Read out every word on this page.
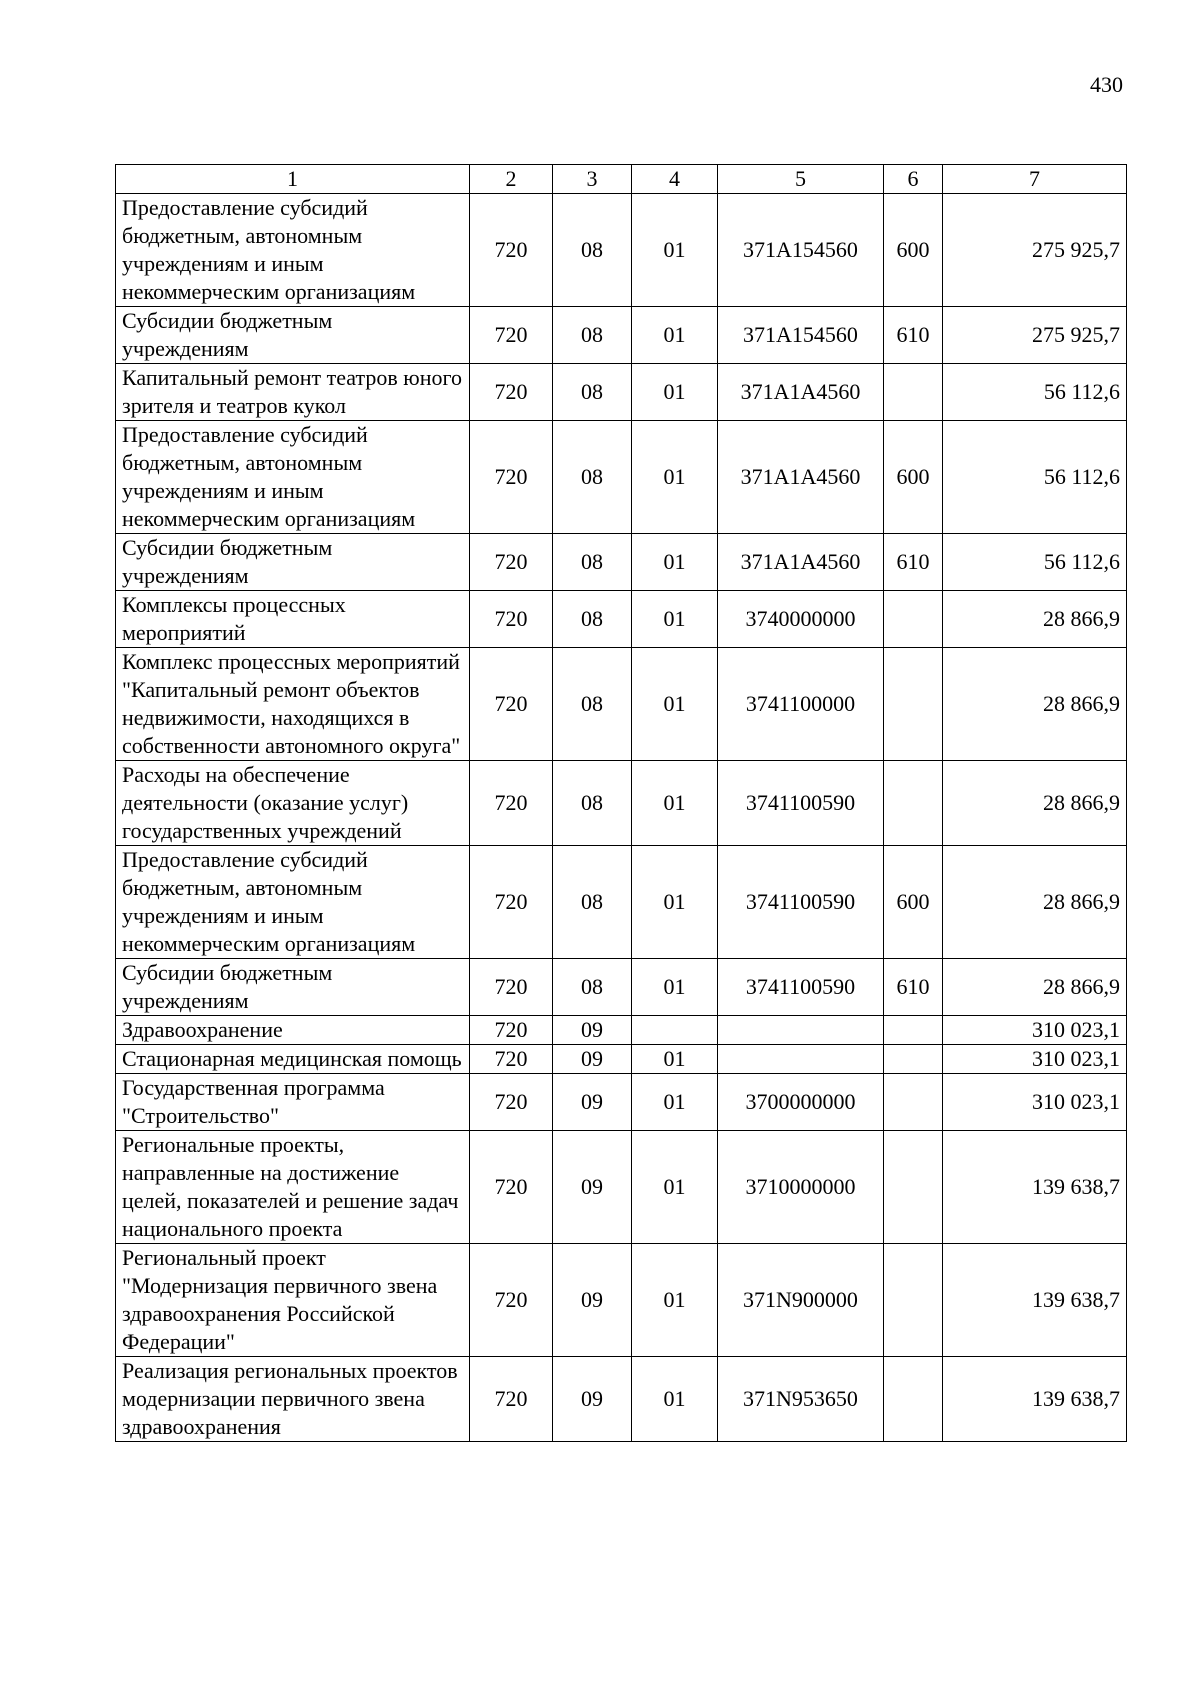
430
1	2	3	4	5	6	7
Предоставление субсидий бюджетным, автономным учреждениям и иным некоммерческим организациям	720	08	01	371A154560	600	275 925,7
Субсидии бюджетным учреждениям	720	08	01	371A154560	610	275 925,7
Капитальный ремонт театров юного зрителя и театров кукол	720	08	01	371A1A4560		56 112,6
Предоставление субсидий бюджетным, автономным учреждениям и иным некоммерческим организациям	720	08	01	371A1A4560	600	56 112,6
Субсидии бюджетным учреждениям	720	08	01	371A1A4560	610	56 112,6
Комплексы процессных мероприятий	720	08	01	3740000000		28 866,9
Комплекс процессных мероприятий "Капитальный ремонт объектов недвижимости, находящихся в собственности автономного округа"	720	08	01	3741100000		28 866,9
Расходы на обеспечение деятельности (оказание услуг) государственных учреждений	720	08	01	3741100590		28 866,9
Предоставление субсидий бюджетным, автономным учреждениям и иным некоммерческим организациям	720	08	01	3741100590	600	28 866,9
Субсидии бюджетным учреждениям	720	08	01	3741100590	610	28 866,9
Здравоохранение	720	09				310 023,1
Стационарная медицинская помощь	720	09	01			310 023,1
Государственная программа "Строительство"	720	09	01	3700000000		310 023,1
Региональные проекты, направленные на достижение целей, показателей и решение задач национального проекта	720	09	01	3710000000		139 638,7
Региональный проект "Модернизация первичного звена здравоохранения Российской Федерации"	720	09	01	371N900000		139 638,7
Реализация региональных проектов модернизации первичного звена здравоохранения	720	09	01	371N953650		139 638,7
